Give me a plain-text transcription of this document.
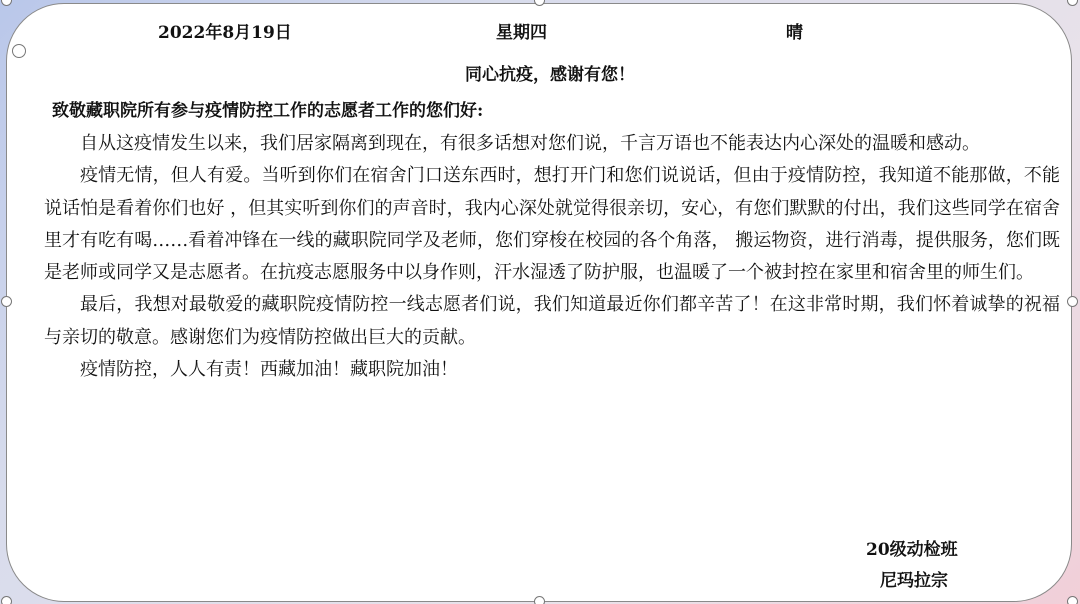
2022年8月19日	星期四	晴
同心抗疫，感谢有您！
致敬藏职院所有参与疫情防控工作的志愿者工作的您们好:

自从这疫情发生以来，我们居家隔离到现在，有很多话想对您们说，千言万语也不能表达内心深处的温暖和感动。

疫情无情，但人有爱。当听到你们在宿舍门口送东西时，想打开门和您们说说话，但由于疫情防控，我知道不能那做，不能说话怕是看着你们也好 ，但其实听到你们的声音时，我内心深处就觉得很亲切，安心，有您们默默的付出，我们这些同学在宿舍里才有吃有喝……看着冲锋在一线的藏职院同学及老师，您们穿梭在校园的各个角落， 搬运物资，进行消毒，提供服务，您们既是老师或同学又是志愿者。在抗疫志愿服务中以身作则，汗水湿透了防护服，也温暖了一个被封控在家里和宿舍里的师生们。

最后，我想对最敬爱的藏职院疫情防控一线志愿者们说，我们知道最近你们都辛苦了！在这非常时期，我们怀着诚挚的祝福与亲切的敬意。感谢您们为疫情防控做出巨大的贡献。

疫情防控，人人有责！西藏加油！藏职院加油！

20级动检班
尼玛拉宗
